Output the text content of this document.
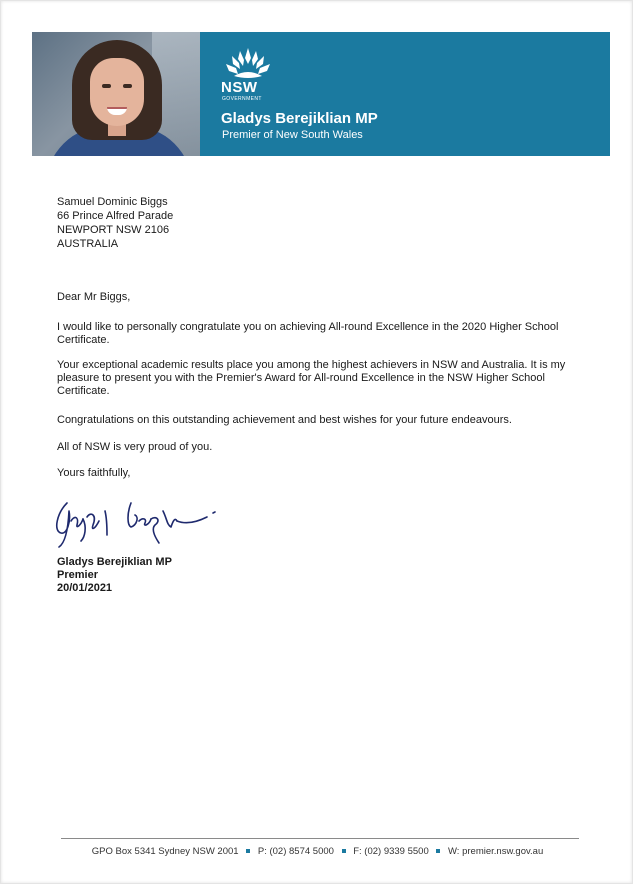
NSW
GOVERNMENT
Gladys Berejiklian MP
Premier of New South Wales
Samuel Dominic Biggs
66 Prince Alfred Parade
NEWPORT NSW 2106
AUSTRALIA
Dear Mr Biggs,
I would like to personally congratulate you on achieving All-round Excellence in the 2020 Higher School Certificate.
Your exceptional academic results place you among the highest achievers in NSW and Australia. It is my pleasure to present you with the Premier's Award for All-round Excellence in the NSW Higher School Certificate.
Congratulations on this outstanding achievement and best wishes for your future endeavours.
All of NSW is very proud of you.
Yours faithfully,
Gladys Berejiklian MP
Premier
20/01/2021
GPO Box 5341 Sydney NSW 2001 P: (02) 8574 5000 F: (02) 9339 5500 W: premier.nsw.gov.au
